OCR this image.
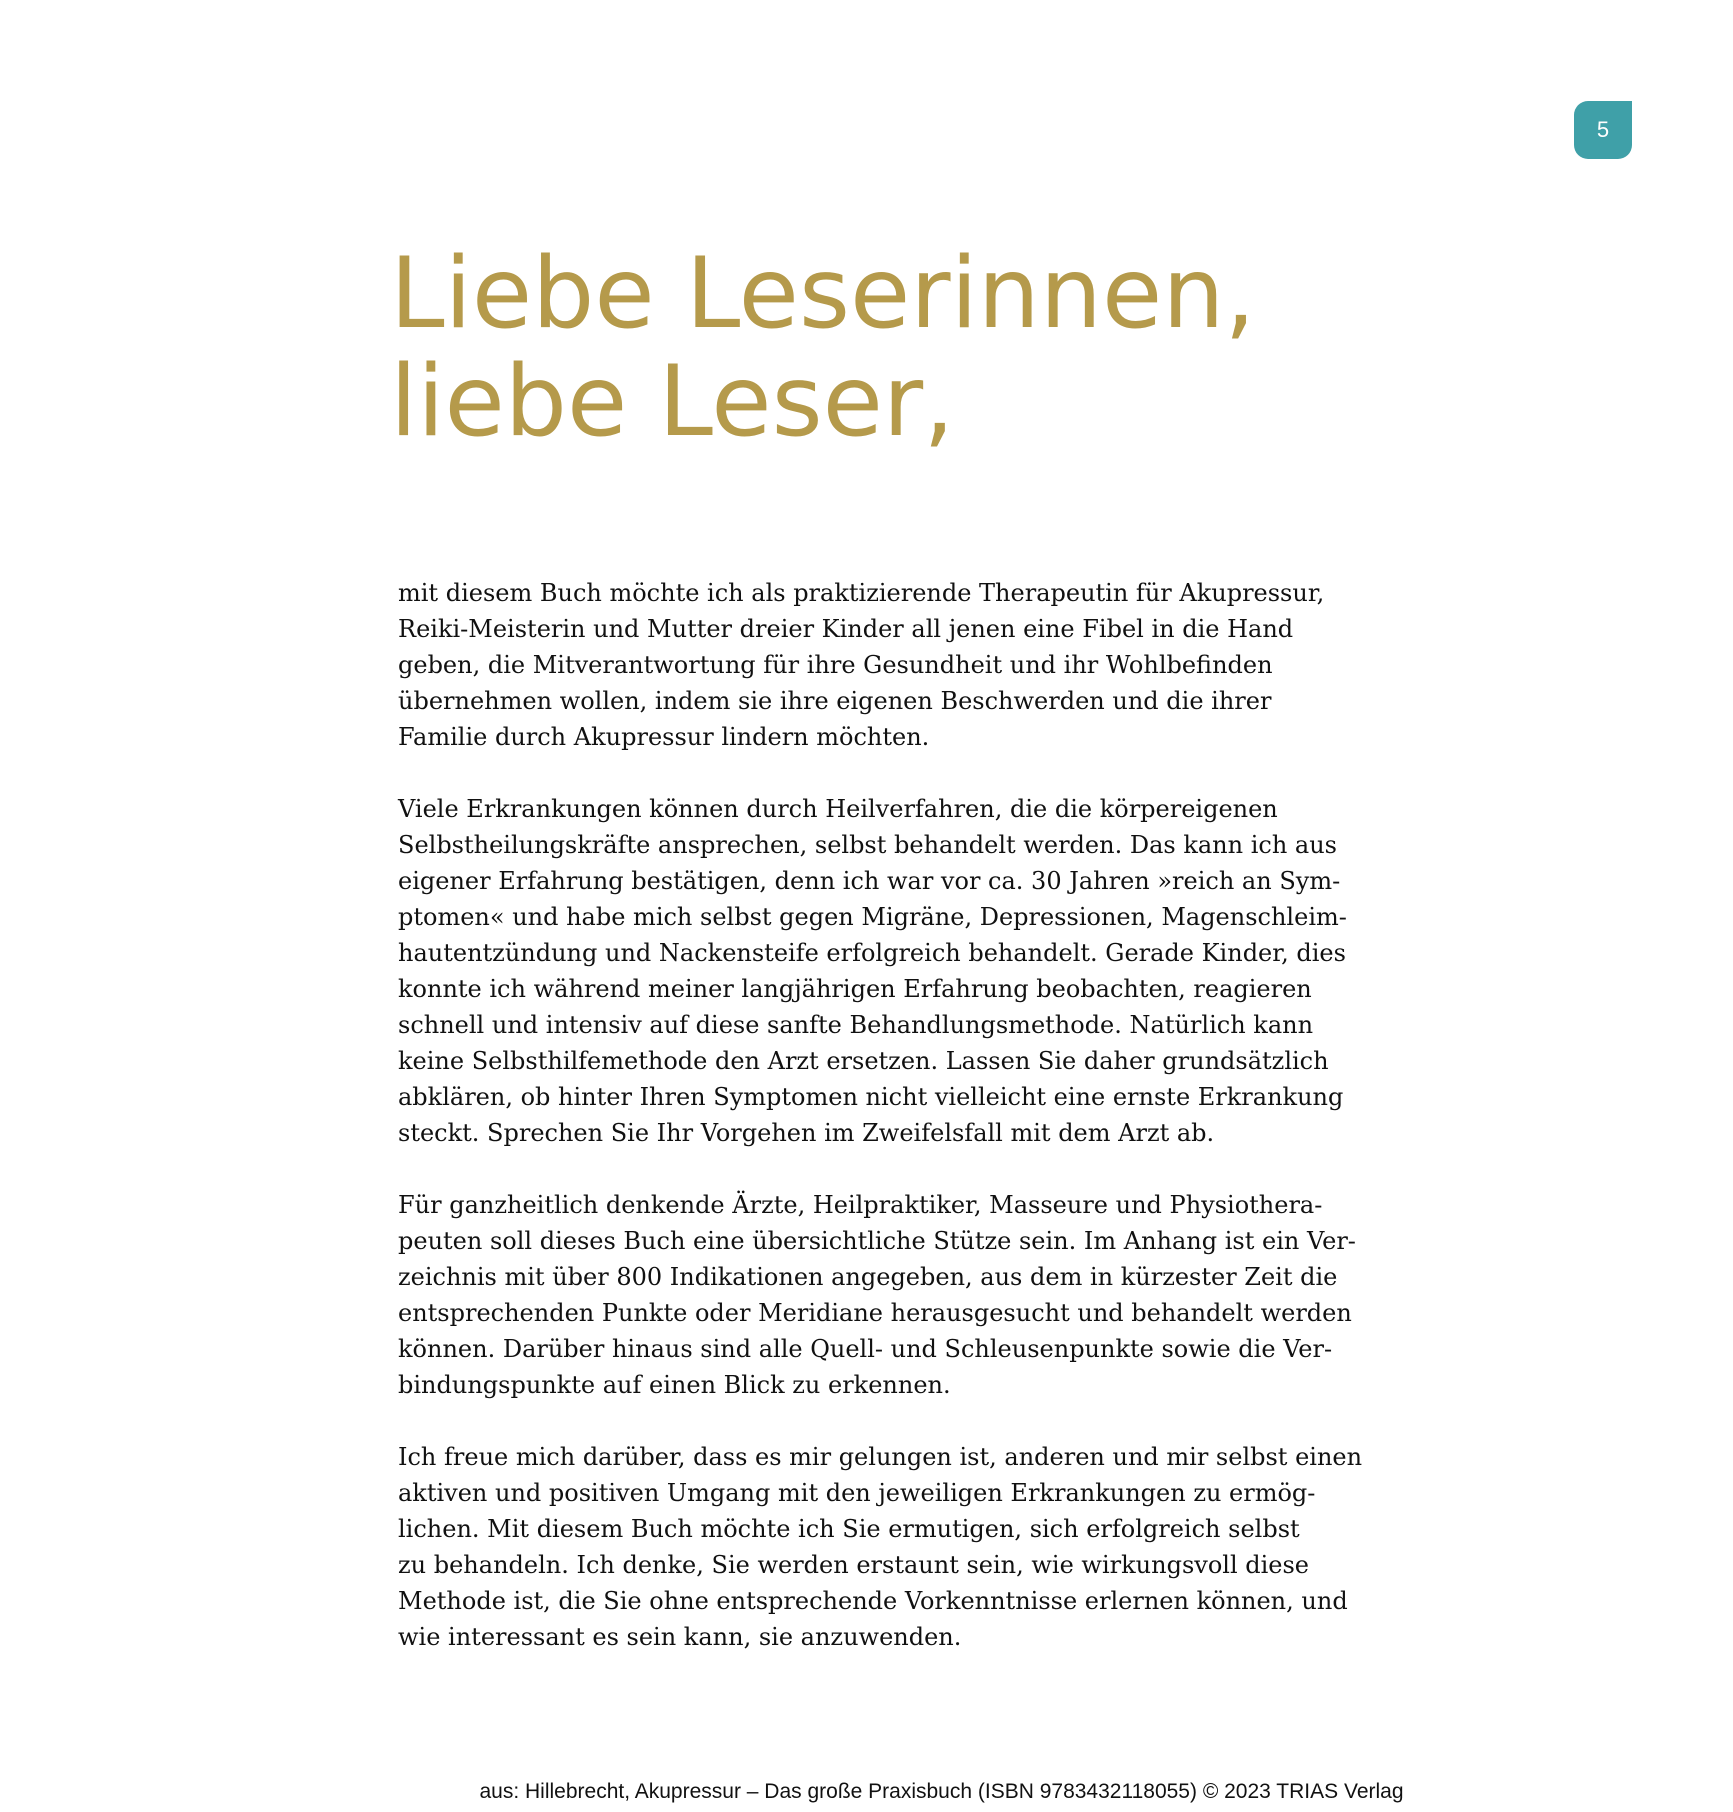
5
Liebe Leserinnen,
liebe Leser,

mit diesem Buch möchte ich als praktizierende Therapeutin für Akupressur,
Reiki-Meisterin und Mutter dreier Kinder all jenen eine Fibel in die Hand
geben, die Mitverantwortung für ihre Gesundheit und ihr Wohlbefinden
übernehmen wollen, indem sie ihre eigenen Beschwerden und die ihrer
Familie durch Akupressur lindern möchten.

Viele Erkrankungen können durch Heilverfahren, die die körpereigenen
Selbstheilungskräfte ansprechen, selbst behandelt werden. Das kann ich aus
eigener Erfahrung bestätigen, denn ich war vor ca. 30 Jahren »reich an Sym-
ptomen« und habe mich selbst gegen Migräne, Depressionen, Magenschleim-
hautentzündung und Nackensteife erfolgreich behandelt. Gerade Kinder, dies
konnte ich während meiner langjährigen Erfahrung beobachten, reagieren
schnell und intensiv auf diese sanfte Behandlungsmethode. Natürlich kann
keine Selbsthilfemethode den Arzt ersetzen. Lassen Sie daher grundsätzlich
abklären, ob hinter Ihren Symptomen nicht vielleicht eine ernste Erkrankung
steckt. Sprechen Sie Ihr Vorgehen im Zweifelsfall mit dem Arzt ab.

Für ganzheitlich denkende Ärzte, Heilpraktiker, Masseure und Physiothera-
peuten soll dieses Buch eine übersichtliche Stütze sein. Im Anhang ist ein Ver-
zeichnis mit über 800 Indikationen angegeben, aus dem in kürzester Zeit die
entsprechenden Punkte oder Meridiane herausgesucht und behandelt werden
können. Darüber hinaus sind alle Quell- und Schleusenpunkte sowie die Ver-
bindungspunkte auf einen Blick zu erkennen.

Ich freue mich darüber, dass es mir gelungen ist, anderen und mir selbst einen
aktiven und positiven Umgang mit den jeweiligen Erkrankungen zu ermög-
lichen. Mit diesem Buch möchte ich Sie ermutigen, sich erfolgreich selbst
zu behandeln. Ich denke, Sie werden erstaunt sein, wie wirkungsvoll diese
Methode ist, die Sie ohne entsprechende Vorkenntnisse erlernen können, und
wie interessant es sein kann, sie anzuwenden.

aus: Hillebrecht, Akupressur – Das große Praxisbuch (ISBN 9783432118055) © 2023 TRIAS Verlag
